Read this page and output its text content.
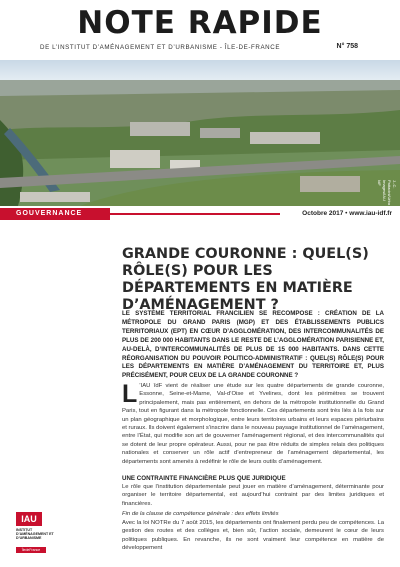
NOTE RAPIDE
DE L’INSTITUT D’AMÉNAGEMENT ET D’URBANISME - ÎLE-DE-FRANCE	N° 758
J.-C. Pattacini/Urba Images/IAU îdF
GOUVERNANCE	Octobre 2017 • www.iau-idf.fr
GRANDE COURONNE : QUEL(S) RÔLE(S) POUR LES DÉPARTEMENTS EN MATIÈRE D’AMÉNAGEMENT ?
LE SYSTÈME TERRITORIAL FRANCILIEN SE RECOMPOSE : CRÉATION DE LA MÉTROPOLE DU GRAND PARIS (MGP) ET DES ÉTABLISSEMENTS PUBLICS TERRITORIAUX (EPT) EN CŒUR D’AGGLOMÉRATION, DES INTERCOMMUNALITÉS DE PLUS DE 200 000 HABITANTS DANS LE RESTE DE L’AGGLOMÉRATION PARISIENNE ET, AU-DELÀ, D’INTERCOMMUNALITÉS DE PLUS DE 15 000 HABITANTS. DANS CETTE RÉORGANISATION DU POUVOIR POLITICO-ADMINISTRATIF : QUEL(S) RÔLE(S) POUR LES DÉPARTEMENTS EN MATIÈRE D’AMÉNAGEMENT DU TERRITOIRE ET, PLUS PRÉCISÉMENT, POUR CEUX DE LA GRANDE COURONNE ?
L ’IAU îdF vient de réaliser une étude sur les quatre départements de grande couronne, Essonne, Seine-et-Marne, Val-d’Oise et Yvelines, dont les périmètres se trouvent principalement, mais pas entièrement, en dehors de la métropole institutionnelle du Grand Paris, tout en figurant dans la métropole fonctionnelle. Ces départements sont très liés à la fois sur un plan géographique et morphologique, entre leurs territoires urbains et leurs espaces périurbains et ruraux. Ils doivent également s’inscrire dans le nouveau paysage institutionnel de l’aménagement, entre l’État, qui modifie son art de gouverner l’aménagement régional, et des intercommunalités qui se dotent de leur propre opérateur. Aussi, pour ne pas être réduits de simples relais des politiques nationales et conserver un rôle actif d’entrepreneur de l’aménagement départemental, les départements sont amenés à redéfinir le rôle de leurs outils d’aménagement.
UNE CONTRAINTE FINANCIÈRE PLUS QUE JURIDIQUE
Le rôle que l’institution départementale peut jouer en matière d’aménagement, déterminante pour organiser le territoire départemental, est aujourd’hui contraint par des limites juridiques et financières.
Fin de la clause de compétence générale : des effets limités
Avec la loi NOTRe du 7 août 2015, les départements ont finalement perdu peu de compétences. La gestion des routes et des collèges et, bien sûr, l’action sociale, demeurent le cœur de leurs politiques publiques. En revanche, ils ne sont vraiment leur compétence en matière de développement
IAU
INSTITUT D’AMÉNAGEMENT ET D’URBANISME
ÎledeFrance
